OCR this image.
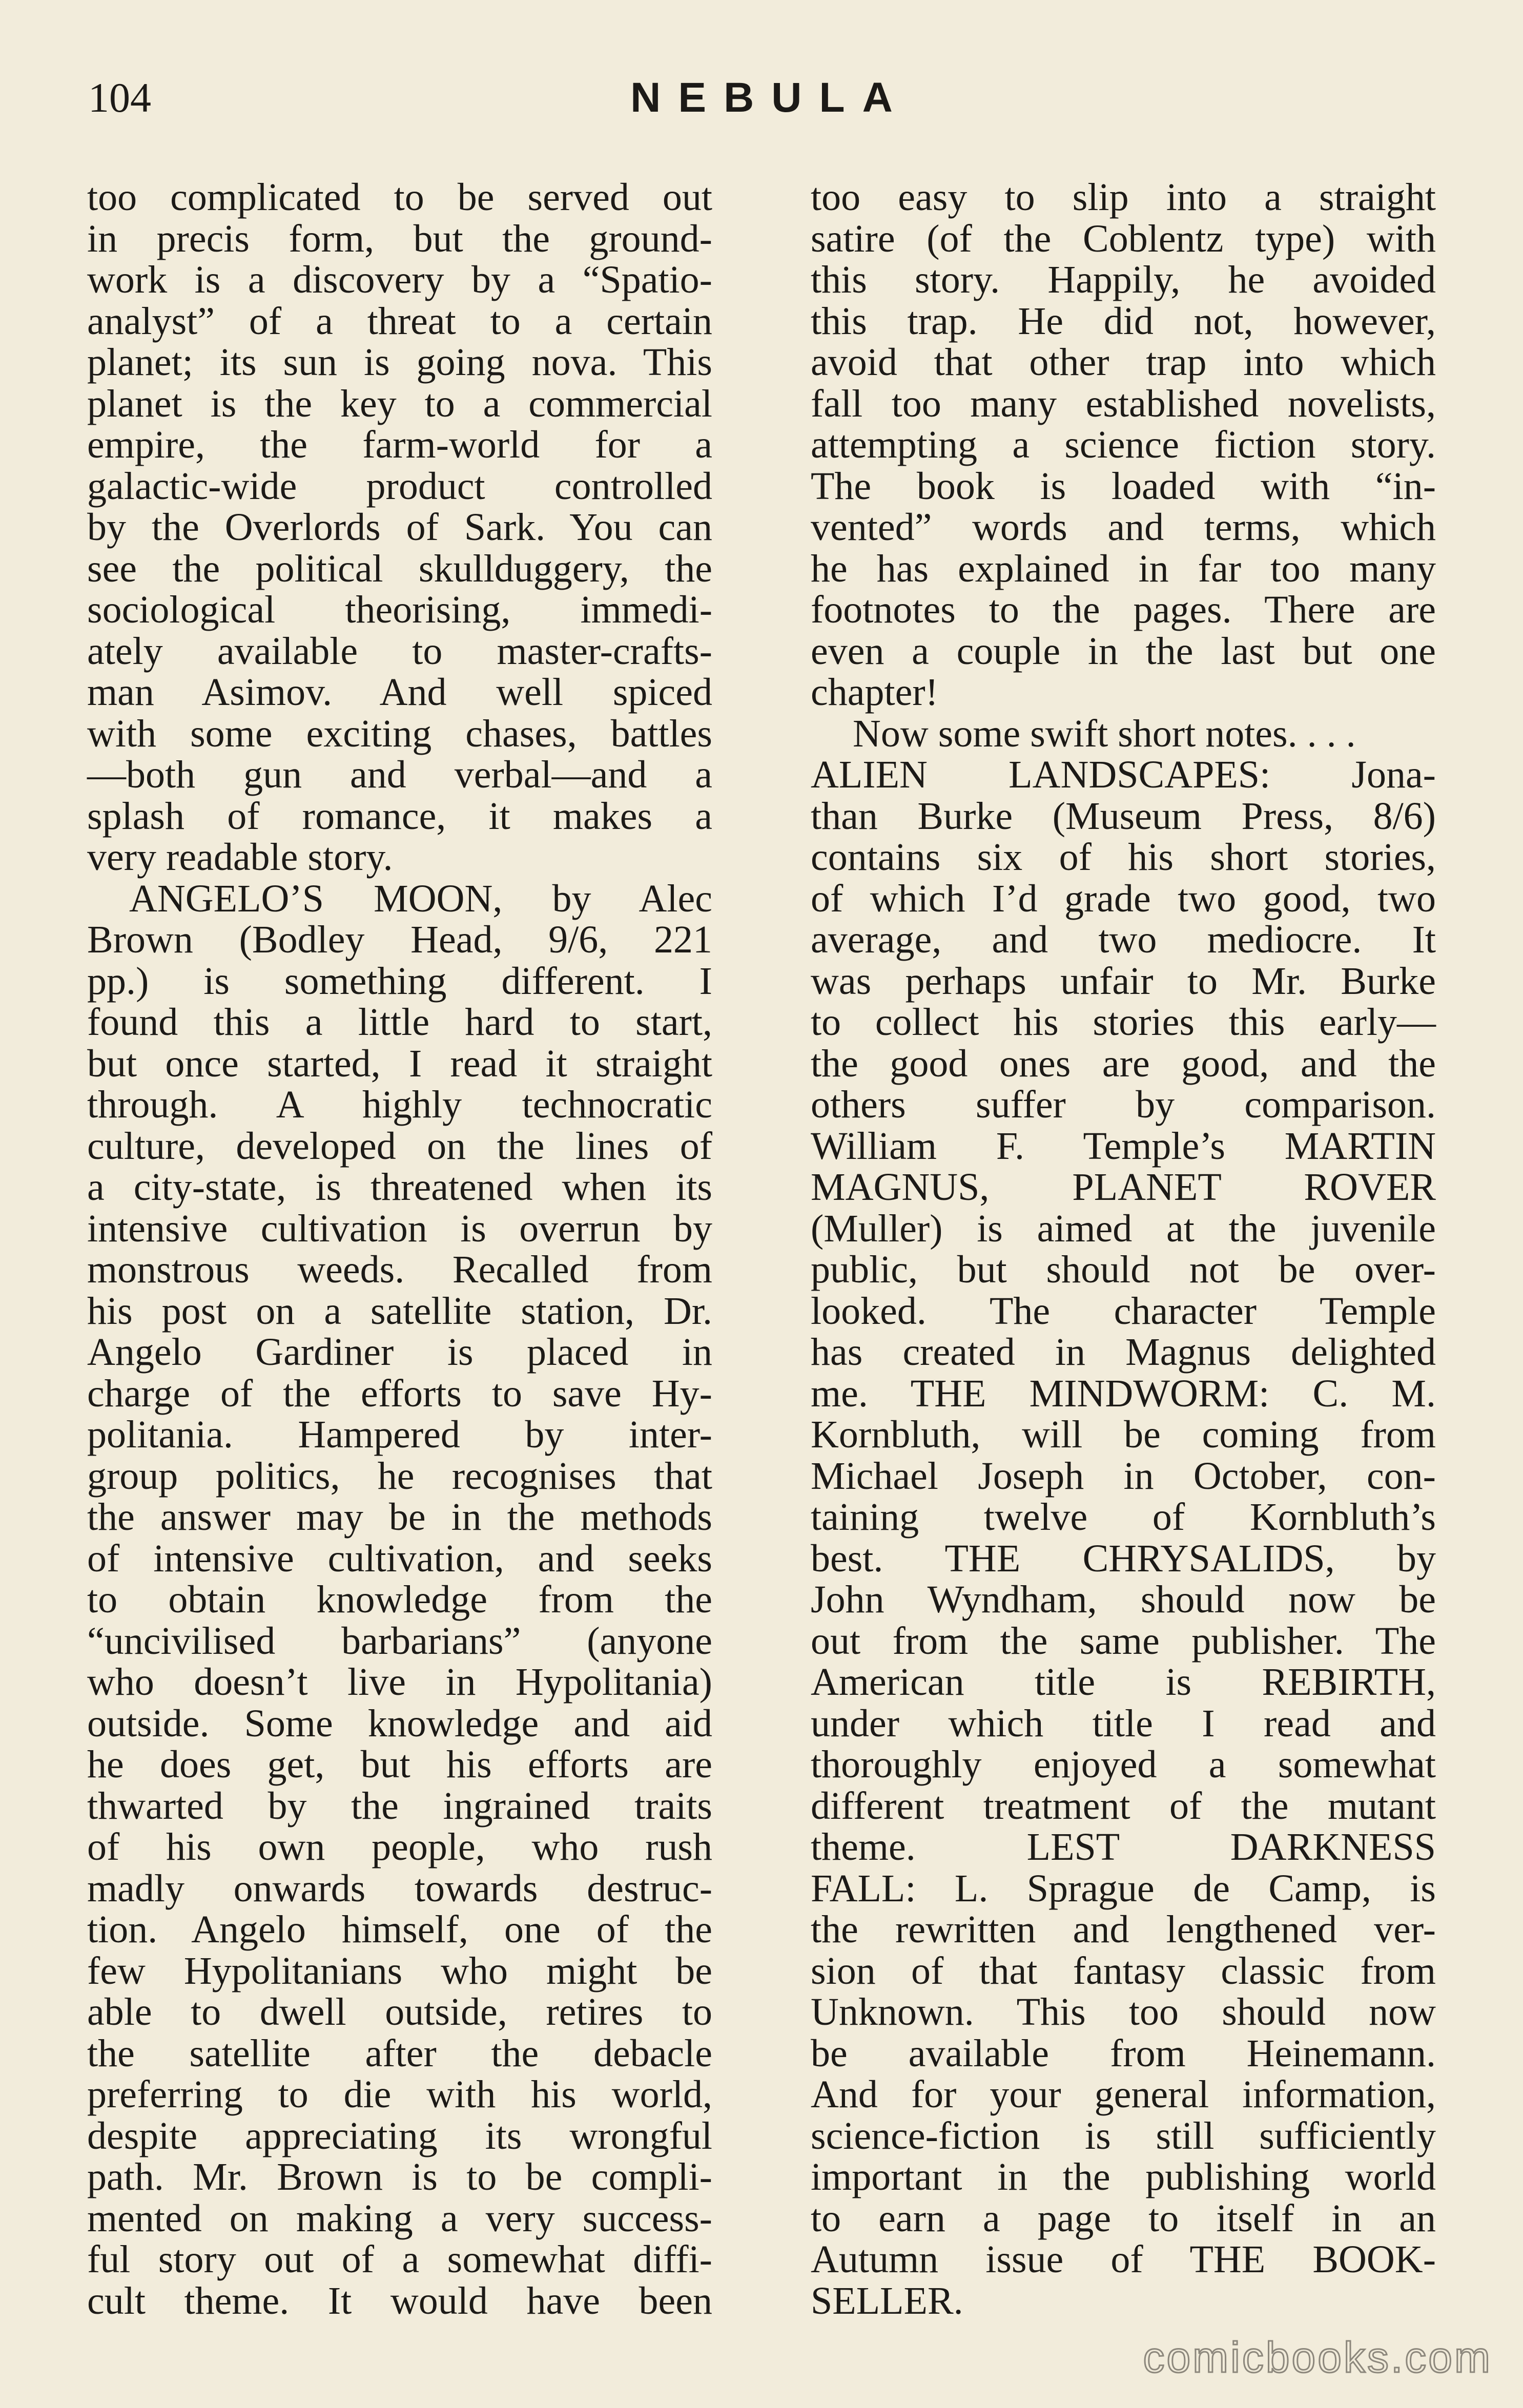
104	NEBULA
too complicated to be served out
in precis form, but the ground-
work is a discovery by a “Spatio-
analyst” of a threat to a certain
planet; its sun is going nova. This
planet is the key to a commercial
empire, the farm-world for a
galactic-wide product controlled
by the Overlords of Sark. You can
see the political skullduggery, the
sociological theorising, immedi-
ately available to master-crafts-
man Asimov. And well spiced
with some exciting chases, battles
—both gun and verbal—and a
splash of romance, it makes a
very readable story.
ANGELO’S MOON, by Alec
Brown (Bodley Head, 9/6, 221
pp.) is something different. I
found this a little hard to start,
but once started, I read it straight
through. A highly technocratic
culture, developed on the lines of
a city-state, is threatened when its
intensive cultivation is overrun by
monstrous weeds. Recalled from
his post on a satellite station, Dr.
Angelo Gardiner is placed in
charge of the efforts to save Hy-
politania. Hampered by inter-
group politics, he recognises that
the answer may be in the methods
of intensive cultivation, and seeks
to obtain knowledge from the
“uncivilised barbarians” (anyone
who doesn’t live in Hypolitania)
outside. Some knowledge and aid
he does get, but his efforts are
thwarted by the ingrained traits
of his own people, who rush
madly onwards towards destruc-
tion. Angelo himself, one of the
few Hypolitanians who might be
able to dwell outside, retires to
the satellite after the debacle
preferring to die with his world,
despite appreciating its wrongful
path. Mr. Brown is to be compli-
mented on making a very success-
ful story out of a somewhat diffi-
cult theme. It would have been
too easy to slip into a straight
satire (of the Coblentz type) with
this story. Happily, he avoided
this trap. He did not, however,
avoid that other trap into which
fall too many established novelists,
attempting a science fiction story.
The book is loaded with “in-
vented” words and terms, which
he has explained in far too many
footnotes to the pages. There are
even a couple in the last but one
chapter!
Now some swift short notes. . . .
ALIEN LANDSCAPES: Jona-
than Burke (Museum Press, 8/6)
contains six of his short stories,
of which I’d grade two good, two
average, and two mediocre. It
was perhaps unfair to Mr. Burke
to collect his stories this early—
the good ones are good, and the
others suffer by comparison.
William F. Temple’s MARTIN
MAGNUS, PLANET ROVER
(Muller) is aimed at the juvenile
public, but should not be over-
looked. The character Temple
has created in Magnus delighted
me. THE MINDWORM: C. M.
Kornbluth, will be coming from
Michael Joseph in October, con-
taining twelve of Kornbluth’s
best. THE CHRYSALIDS, by
John Wyndham, should now be
out from the same publisher. The
American title is REBIRTH,
under which title I read and
thoroughly enjoyed a somewhat
different treatment of the mutant
theme. LEST DARKNESS
FALL: L. Sprague de Camp, is
the rewritten and lengthened ver-
sion of that fantasy classic from
Unknown. This too should now
be available from Heinemann.
And for your general information,
science-fiction is still sufficiently
important in the publishing world
to earn a page to itself in an
Autumn issue of THE BOOK-
SELLER.
comicbooks.com
